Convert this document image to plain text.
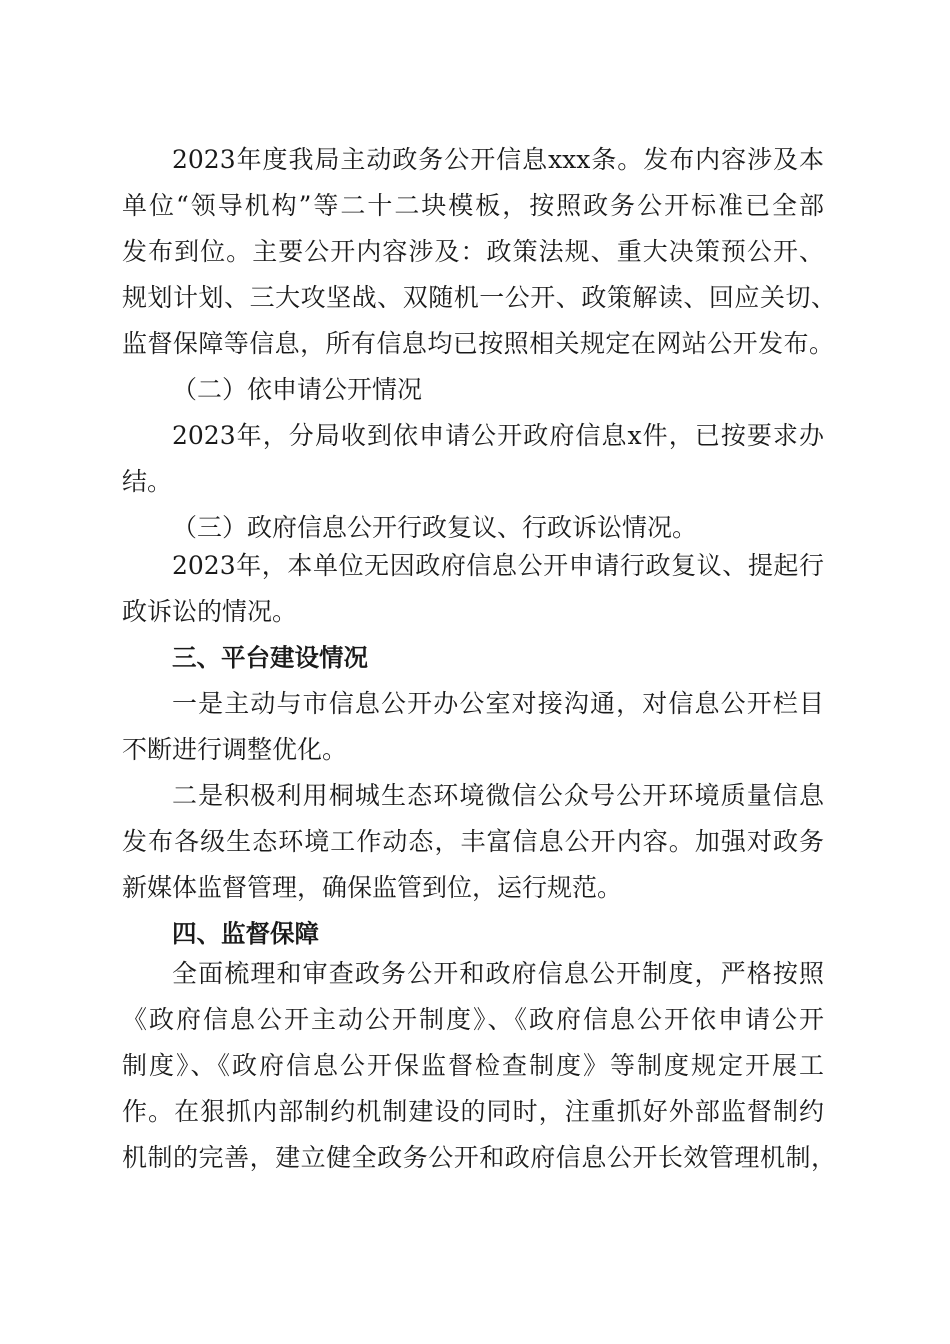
2023年度我局主动政务公开信息xxx条。发布内容涉及本
单位“领导机构”等二十二块模板，按照政务公开标准已全部
发布到位。主要公开内容涉及：政策法规、重大决策预公开、
规划计划、三大攻坚战、双随机一公开、政策解读、回应关切、
监督保障等信息，所有信息均已按照相关规定在网站公开发布。
（二）依申请公开情况
2023年，分局收到依申请公开政府信息x件，已按要求办
结。
（三）政府信息公开行政复议、行政诉讼情况。
2023年，本单位无因政府信息公开申请行政复议、提起行
政诉讼的情况。
三、平台建设情况
一是主动与市信息公开办公室对接沟通，对信息公开栏目
不断进行调整优化。
二是积极利用桐城生态环境微信公众号公开环境质量信息
发布各级生态环境工作动态，丰富信息公开内容。加强对政务
新媒体监督管理，确保监管到位，运行规范。
四、监督保障
全面梳理和审查政务公开和政府信息公开制度，严格按照
《政府信息公开主动公开制度》、《政府信息公开依申请公开
制度》、《政府信息公开保监督检查制度》等制度规定开展工
作。在狠抓内部制约机制建设的同时，注重抓好外部监督制约
机制的完善，建立健全政务公开和政府信息公开长效管理机制，
